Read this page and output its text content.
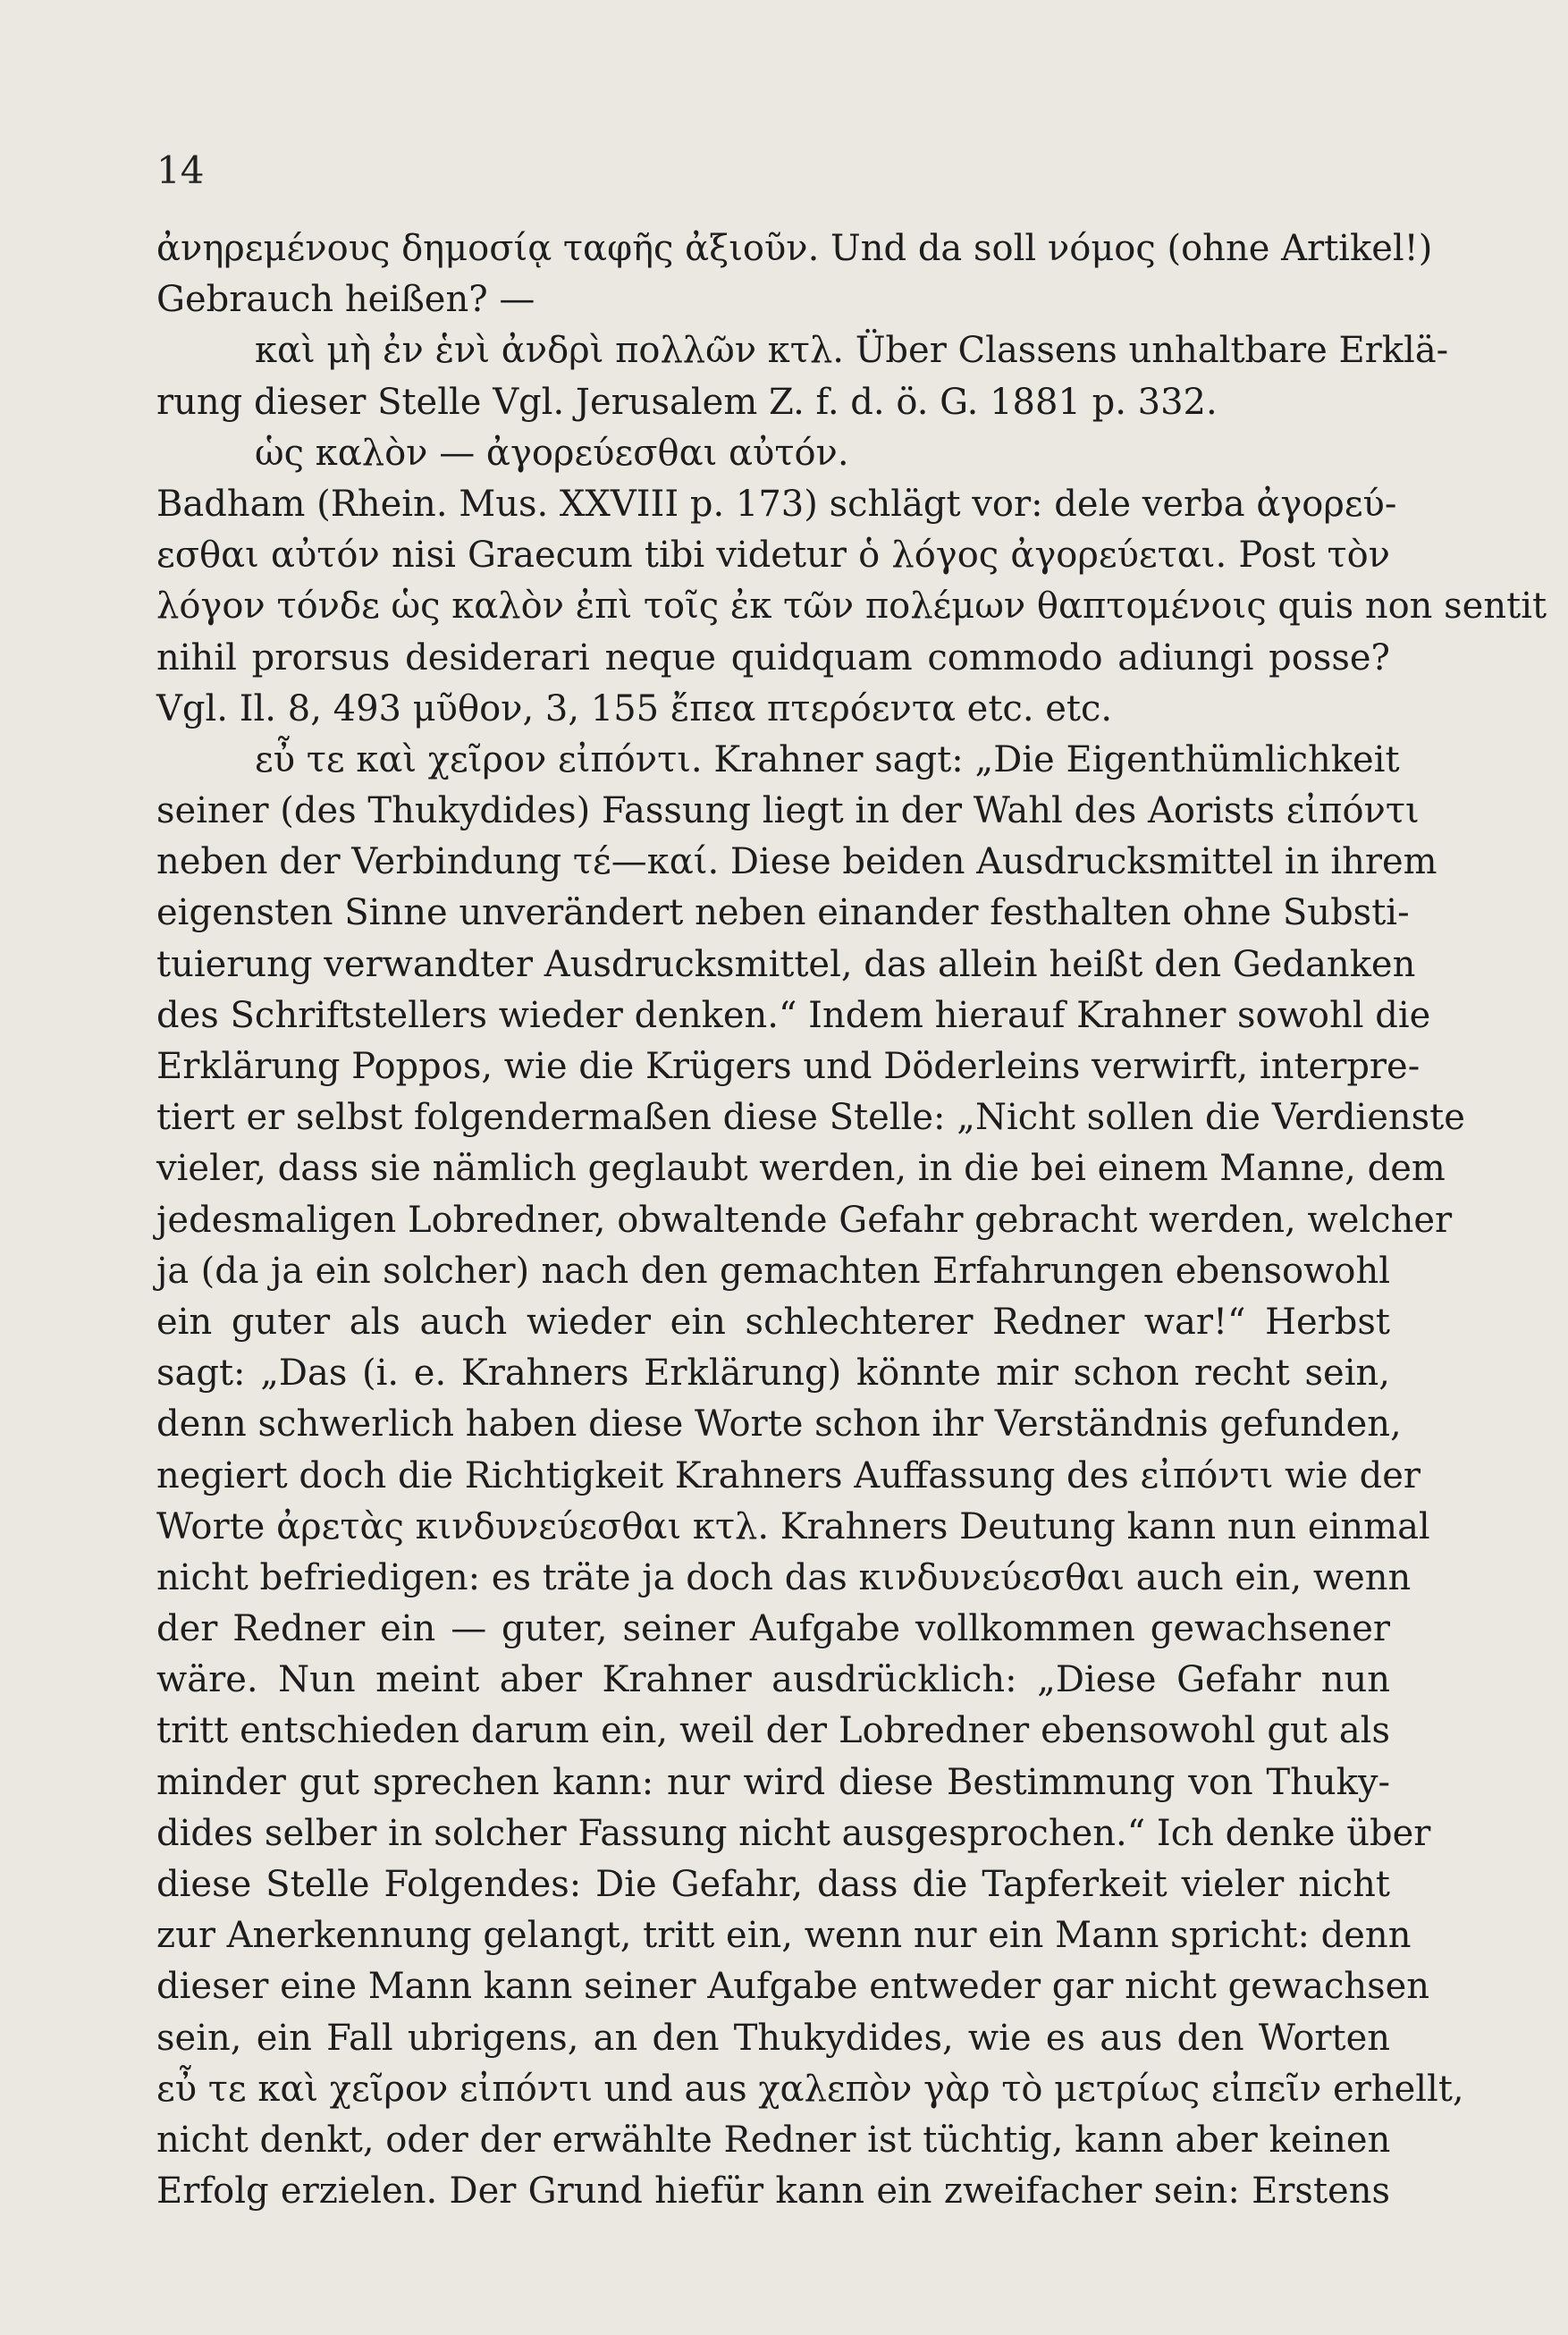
14
ἀνηρεμένους δημοσίᾳ ταφῆς ἀξιοῦν. Und da soll νόμος (ohne Artikel!)
Gebrauch heißen? —
καὶ μὴ ἐν ἑνὶ ἀνδρὶ πολλῶν κτλ. Über Classens unhaltbare Erklä-
rung dieser Stelle Vgl. Jerusalem Z. f. d. ö. G. 1881 p. 332.
ὡς καλὸν — ἀγορεύεσθαι αὐτόν.
Badham (Rhein. Mus. XXVIII p. 173) schlägt vor: dele verba ἀγορεύ-
εσθαι αὐτόν nisi Graecum tibi videtur ὁ λόγος ἀγορεύεται. Post τὸν
λόγον τόνδε ὡς καλὸν ἐπὶ τοῖς ἐκ τῶν πολέμων θαπτομένοις quis non sentit
nihil prorsus desiderari neque quidquam commodo adiungi posse?
Vgl. Il. 8, 493 μῦθον, 3, 155 ἔπεα πτερόεντα etc. etc.
εὖ τε καὶ χεῖρον εἰπόντι. Krahner sagt: „Die Eigenthümlichkeit
seiner (des Thukydides) Fassung liegt in der Wahl des Aorists εἰπόντι
neben der Verbindung τέ—καί. Diese beiden Ausdrucksmittel in ihrem
eigensten Sinne unverändert neben einander festhalten ohne Substi-
tuierung verwandter Ausdrucksmittel, das allein heißt den Gedanken
des Schriftstellers wieder denken.“ Indem hierauf Krahner sowohl die
Erklärung Poppos, wie die Krügers und Döderleins verwirft, interpre-
tiert er selbst folgendermaßen diese Stelle: „Nicht sollen die Verdienste
vieler, dass sie nämlich geglaubt werden, in die bei einem Manne, dem
jedesmaligen Lobredner, obwaltende Gefahr gebracht werden, welcher
ja (da ja ein solcher) nach den gemachten Erfahrungen ebensowohl
ein guter als auch wieder ein schlechterer Redner war!“ Herbst
sagt: „Das (i. e. Krahners Erklärung) könnte mir schon recht sein,
denn schwerlich haben diese Worte schon ihr Verständnis gefunden,
negiert doch die Richtigkeit Krahners Auffassung des εἰπόντι wie der
Worte ἀρετὰς κινδυνεύεσθαι κτλ. Krahners Deutung kann nun einmal
nicht befriedigen: es träte ja doch das κινδυνεύεσθαι auch ein, wenn
der Redner ein — guter, seiner Aufgabe vollkommen gewachsener
wäre. Nun meint aber Krahner ausdrücklich: „Diese Gefahr nun
tritt entschieden darum ein, weil der Lobredner ebensowohl gut als
minder gut sprechen kann: nur wird diese Bestimmung von Thuky-
dides selber in solcher Fassung nicht ausgesprochen.“ Ich denke über
diese Stelle Folgendes: Die Gefahr, dass die Tapferkeit vieler nicht
zur Anerkennung gelangt, tritt ein, wenn nur ein Mann spricht: denn
dieser eine Mann kann seiner Aufgabe entweder gar nicht gewachsen
sein, ein Fall ubrigens, an den Thukydides, wie es aus den Worten
εὖ τε καὶ χεῖρον εἰπόντι und aus χαλεπὸν γὰρ τὸ μετρίως εἰπεῖν erhellt,
nicht denkt, oder der erwählte Redner ist tüchtig, kann aber keinen
Erfolg erzielen. Der Grund hiefür kann ein zweifacher sein: Erstens
